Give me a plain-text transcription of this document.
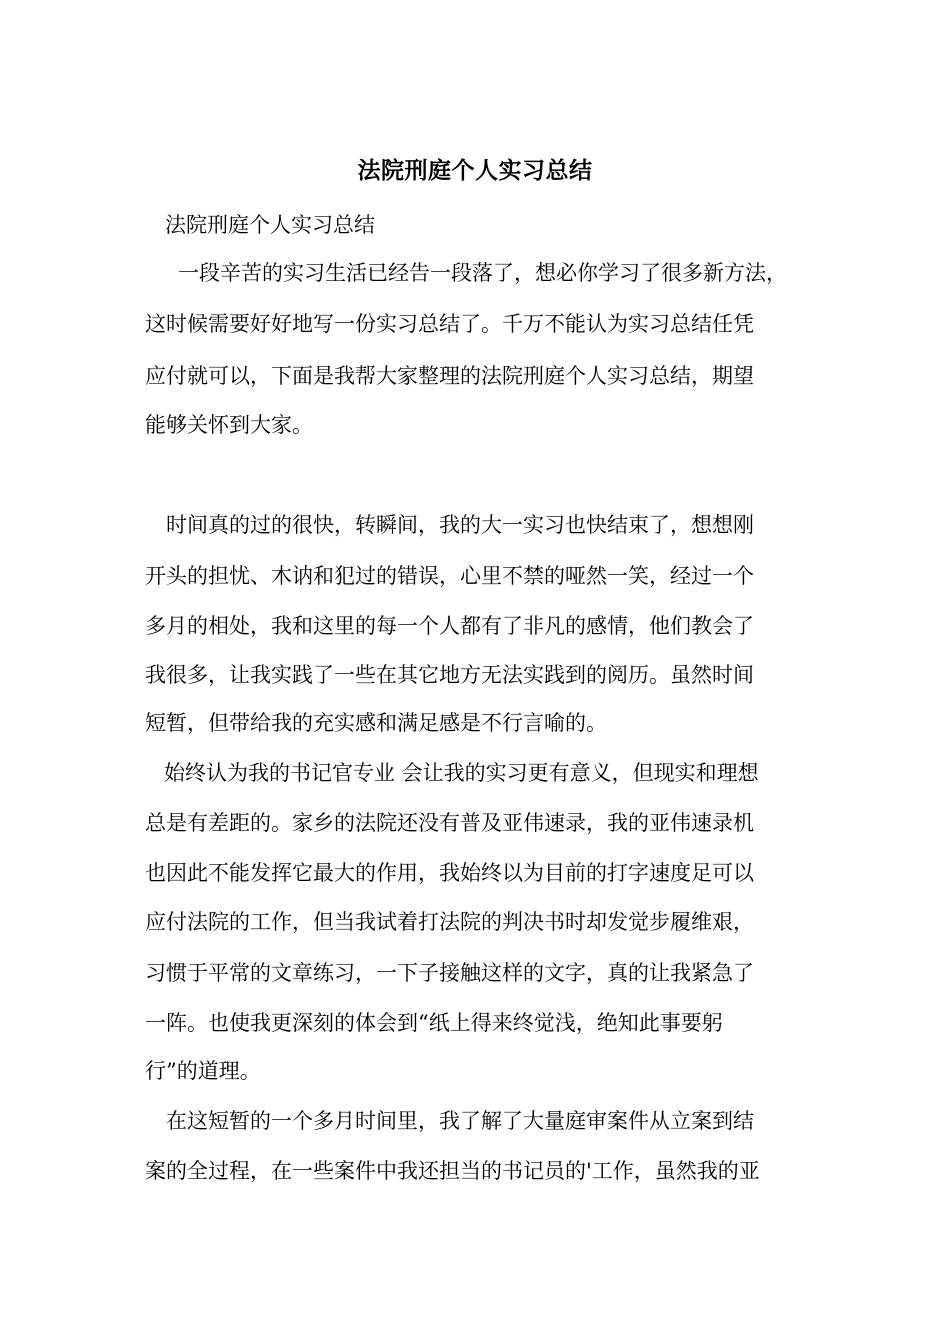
法院刑庭个人实习总结
法院刑庭个人实习总结
一段辛苦的实习生活已经告一段落了，想必你学习了很多新方法，
这时候需要好好地写一份实习总结了。千万不能认为实习总结任凭
应付就可以，下面是我帮大家整理的法院刑庭个人实习总结，期望
能够关怀到大家。
时间真的过的很快，转瞬间，我的大一实习也快结束了，想想刚
开头的担忧、木讷和犯过的错误，心里不禁的哑然一笑，经过一个
多月的相处，我和这里的每一个人都有了非凡的感情，他们教会了
我很多，让我实践了一些在其它地方无法实践到的阅历。虽然时间
短暂，但带给我的充实感和满足感是不行言喻的。
始终认为我的书记官专业 会让我的实习更有意义，但现实和理想
总是有差距的。家乡的法院还没有普及亚伟速录，我的亚伟速录机
也因此不能发挥它最大的作用，我始终以为目前的打字速度足可以
应付法院的工作，但当我试着打法院的判决书时却发觉步履维艰，
习惯于平常的文章练习，一下子接触这样的文字，真的让我紧急了
一阵。也使我更深刻的体会到“纸上得来终觉浅，绝知此事要躬
行”的道理。
在这短暂的一个多月时间里，我了解了大量庭审案件从立案到结
案的全过程，在一些案件中我还担当的书记员的'工作，虽然我的亚
